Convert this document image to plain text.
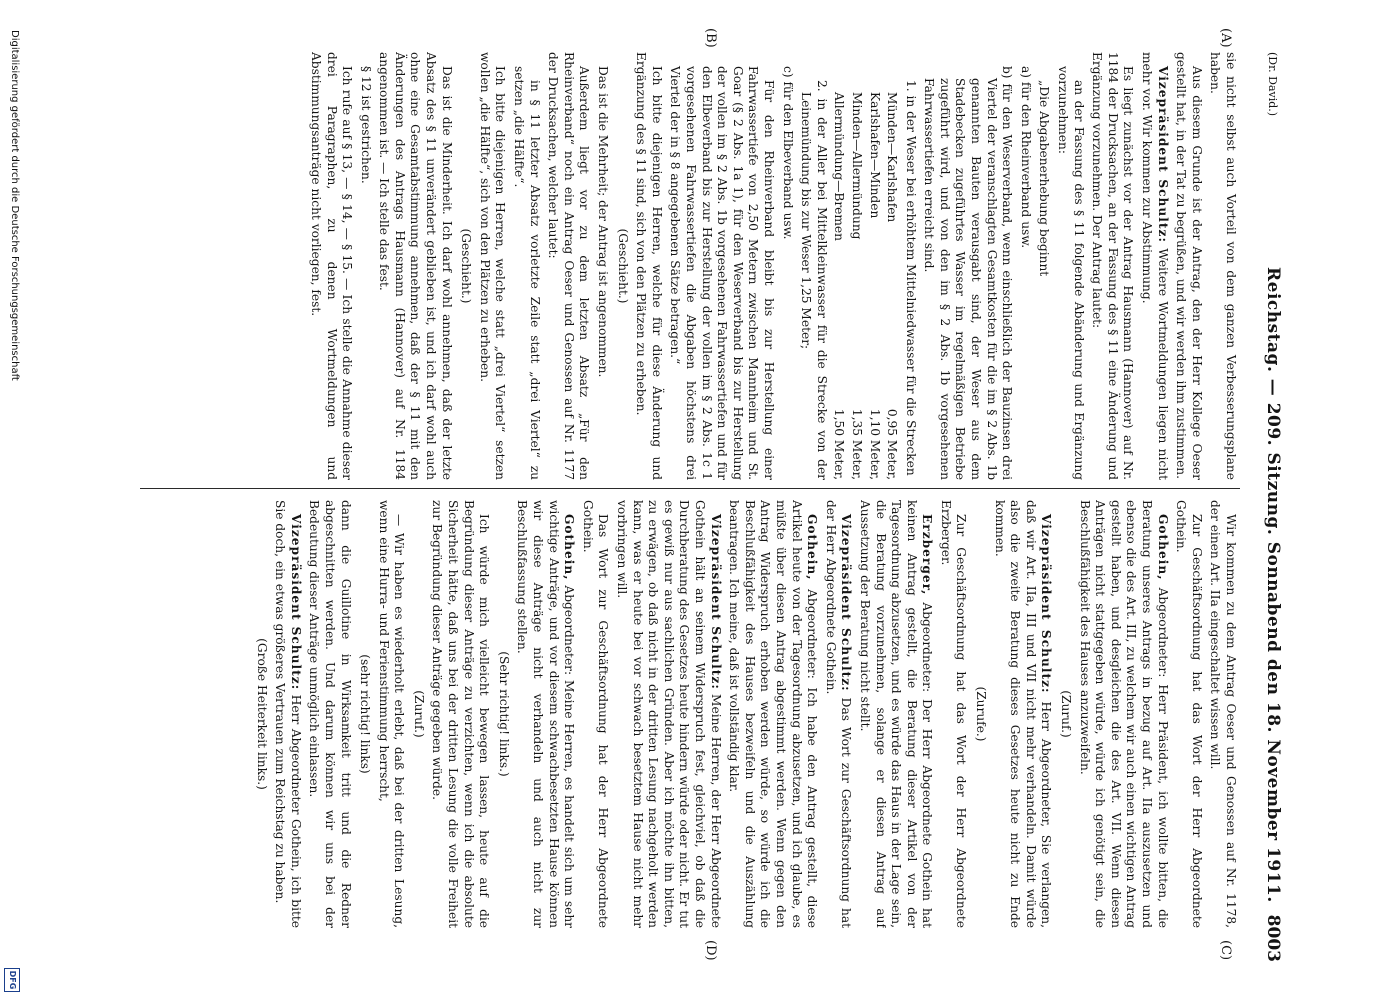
(Dr. David.)
Reichstag. — 209. Sitzung. Sonnabend den 18. November 1911.
8003
(A)
(B)
(C)
(D)

sie nicht selbst auch Vorteil von dem ganzen Verbesserungsplane haben.

Aus diesem Grunde ist der Antrag, den der Herr Kollege Oeser gestellt hat, in der Tat zu begrüßen, und wir werden ihm zustimmen.

Vizepräsident Schultz: Weitere Wortmeldungen liegen nicht mehr vor. Wir kommen zur Abstimmung.

Es liegt zunächst vor der Antrag Hausmann (Hannover) auf Nr. 1184 der Drucksachen, an der Fassung des § 11 eine Änderung und Ergänzung vorzunehmen. Der Antrag lautet:

an der Fassung des § 11 folgende Abänderung und Ergänzung vorzunehmen:

„Die Abgabenerhebung beginnt

a) für den Rheinverband usw.

b) für den Weserverband, wenn einschließlich der Bauzinsen drei Viertel der veranschlagten Gesamtkosten für die im § 2 Abs. 1b genannten Bauten verausgabt sind, der Weser aus dem Stadebecken zugeführtes Wasser im regelmäßigen Betriebe zugeführt wird, und von den im § 2 Abs. 1b vorgesehenen Fahrwassertiefen erreicht sind.

1. in der Weser bei erhöhtem Mittelniedwasser für die Strecken

Münden—Karlshafen
0,95 Meter,
Karlshafen—Minden
1,10 Meter,
Minden—Allermündung
1,35 Meter,
Allermündung—Bremen
1,50 Meter,

2. in der Aller bei Mittelkleinwasser für die Strecke von der Leinemündung bis zur Weser 1,25 Meter;

c) für den Elbeverband usw.

Für den Rheinverband bleibt bis zur Herstellung einer Fahrwassertiefe von 2,50 Metern zwischen Mannheim und St. Goar (§ 2 Abs. 1a 1), für den Weserverband bis zur Herstellung der vollen im § 2 Abs. 1b vorgesehenen Fahrwassertiefen und für den Elbeverband bis zur Herstellung der vollen im § 2 Abs. 1c 1 vorgesehenen Fahrwassertiefen die Abgaben höchstens drei Viertel der in § 8 angegebenen Sätze betragen.“

Ich bitte diejenigen Herren, welche für diese Änderung und Ergänzung des § 11 sind, sich von den Plätzen zu erheben.

(Geschieht.)

Das ist die Mehrheit; der Antrag ist angenommen.

Außerdem liegt vor zu dem letzten Absatz „Für den Rheinverband“ noch ein Antrag Oeser und Genossen auf Nr. 1177 der Drucksachen, welcher lautet:

in § 11 letzter Absatz vorletzte Zeile statt „drei Viertel“ zu setzen „die Hälfte“.

Ich bitte diejenigen Herren, welche statt „drei Viertel“ setzen wollen „die Hälfte“, sich von den Plätzen zu erheben.

(Geschieht.)

Das ist die Minderheit. Ich darf wohl annehmen, daß der letzte Absatz des § 11 unverändert geblieben ist, und ich darf wohl auch ohne eine Gesamtabstimmung annehmen, daß der § 11 mit den Änderungen des Antrags Hausmann (Hannover) auf Nr. 1184 angenommen ist. — Ich stelle das fest.

§ 12 ist gestrichen.

Ich rufe auf § 13, — § 14, — § 15. — Ich stelle die Annahme dieser drei Paragraphen, zu denen Wortmeldungen und Abstimmungsanträge nicht vorliegen, fest.

Wir kommen zu dem Antrag Oeser und Genossen auf Nr. 1178, der einen Art. IIa eingeschaltet wissen will.

Zur Geschäftsordnung hat das Wort der Herr Abgeordnete Gothein.

Gothein, Abgeordneter: Herr Präsident, ich wollte bitten, die Beratung unseres Antrags in bezug auf Art. IIa auszusetzen und ebenso die des Art. III, zu welchem wir auch einen wichtigen Antrag gestellt haben, und desgleichen die des Art. VII. Wenn diesen Anträgen nicht stattgegeben würde, würde ich genötigt sein, die Beschlußfähigkeit des Hauses anzuzweifeln.

(Zuruf.)

Vizepräsident Schultz: Herr Abgeordneter, Sie verlangen, daß wir Art. IIa, III und VII nicht mehr verhandeln. Damit würde also die zweite Beratung dieses Gesetzes heute nicht zu Ende kommen.

(Zurufe.)

Zur Geschäftsordnung hat das Wort der Herr Abgeordnete Erzberger.

Erzberger, Abgeordneter: Der Herr Abgeordnete Gothein hat keinen Antrag gestellt, die Beratung dieser Artikel von der Tagesordnung abzusetzen, und es würde das Haus in der Lage sein, die Beratung vorzunehmen, solange er diesen Antrag auf Aussetzung der Beratung nicht stellt.

Vizepräsident Schultz: Das Wort zur Geschäftsordnung hat der Herr Abgeordnete Gothein.

Gothein, Abgeordneter: Ich habe den Antrag gestellt, diese Artikel heute von der Tagesordnung abzusetzen, und ich glaube, es müßte über diesen Antrag abgestimmt werden. Wenn gegen den Antrag Widerspruch erhoben werden würde, so würde ich die Beschlußfähigkeit des Hauses bezweifeln und die Auszählung beantragen. Ich meine, daß ist vollständig klar.

Vizepräsident Schultz: Meine Herren, der Herr Abgeordnete Gothein hält an seinem Widerspruch fest, gleichviel, ob daß die Durchberatung des Gesetzes heute hindern würde oder nicht. Er tut es gewiß nur aus sachlichen Gründen. Aber ich möchte ihn bitten, zu erwägen, ob daß nicht in der dritten Lesung nachgeholt werden kann, was er heute bei vor schwach besetztem Hause nicht mehr vorbringen will.

Das Wort zur Geschäftsordnung hat der Herr Abgeordnete Gothein.

Gothein, Abgeordneter: Meine Herren, es handelt sich um sehr wichtige Anträge, und vor diesem schwachbesetzten Hause können wir diese Anträge nicht verhandeln und auch nicht zur Beschlußfassung stellen.

(Sehr richtig! links.)

Ich würde mich vielleicht bewegen lassen, heute auf die Begründung dieser Anträge zu verzichten, wenn ich die absolute Sicherheit hätte, daß uns bei der dritten Lesung die volle Freiheit zur Begründung dieser Anträge gegeben würde.

(Zuruf.)

— Wir haben es wiederholt erlebt, daß bei der dritten Lesung, wenn eine Hurra- und Ferienstimmung herrscht,

(sehr richtig! links)

dann die Guillotine in Wirksamkeit tritt und die Redner abgeschnitten werden. Und darum können wir uns bei der Bedeutung dieser Anträge unmöglich einlassen.

Vizepräsident Schultz: Herr Abgeordneter Gothein, ich bitte Sie doch, ein etwas größeres Vertrauen zum Reichstag zu haben.

(Große Heiterkeit links.)

Digitalisierung gefördert durch die Deutsche Forschungsgemeinschaft
DFG
